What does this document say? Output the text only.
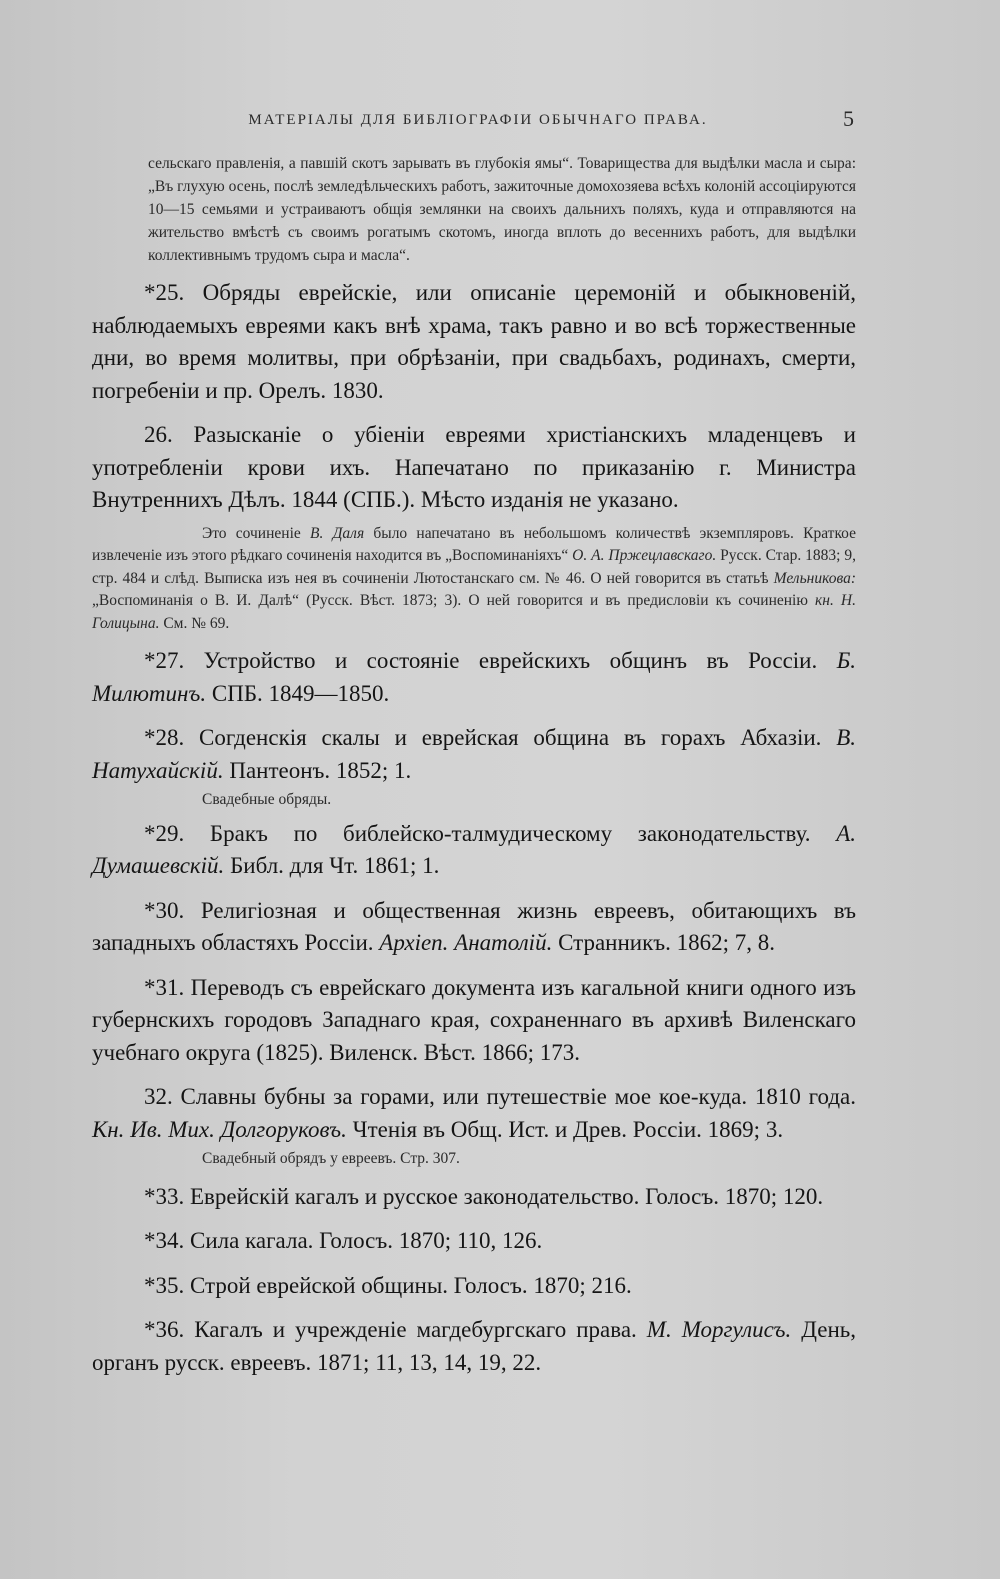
МАТЕРІАЛЫ ДЛЯ БИБЛІОГРАФІИ ОБЫЧНАГО ПРАВА.	5

сельскаго правленія, а павшій скотъ зарывать въ глубокія ямы“. Товарищества для выдѣлки масла и сыра: „Въ глухую осень, послѣ земледѣльческихъ работъ, зажиточные домохозяева всѣхъ колоній ассоціируются 10—15 семьями и устраиваютъ общія землянки на своихъ дальнихъ поляхъ, куда и отправляются на жительство вмѣстѣ съ своимъ рогатымъ скотомъ, иногда вплоть до весеннихъ работъ, для выдѣлки коллективнымъ трудомъ сыра и масла“.

*25. Обряды еврейскіе, или описаніе церемоній и обыкновеній, наблюдаемыхъ евреями какъ внѣ храма, такъ равно и во всѣ торжественные дни, во время молитвы, при обрѣзаніи, при свадьбахъ, родинахъ, смерти, погребеніи и пр. Орелъ. 1830.

26. Разысканіе о убіеніи евреями христіанскихъ младенцевъ и употребленіи крови ихъ. Напечатано по приказанію г. Министра Внутреннихъ Дѣлъ. 1844 (СПБ.). Мѣсто изданія не указано.

Это сочиненіе В. Даля было напечатано въ небольшомъ количествѣ экземпляровъ. Краткое извлеченіе изъ этого рѣдкаго сочиненія находится въ „Воспоминаніяхъ“ О. А. Пржецлавскаго. Русск. Стар. 1883; 9, стр. 484 и слѣд. Выписка изъ нея въ сочиненіи Лютостанскаго см. № 46. О ней говорится въ статьѣ Мельникова: „Воспоминанія о В. И. Далѣ“ (Русск. Вѣст. 1873; 3). О ней говорится и въ предисловіи къ сочиненію кн. Н. Голицына. См. № 69.

*27. Устройство и состояніе еврейскихъ общинъ въ Россіи. Б. Милютинъ. СПБ. 1849—1850.

*28. Согденскія скалы и еврейская община въ горахъ Абхазіи. В. Натухайскій. Пантеонъ. 1852; 1.

Свадебные обряды.

*29. Бракъ по библейско-талмудическому законодательству. А. Думашевскій. Библ. для Чт. 1861; 1.

*30. Религіозная и общественная жизнь евреевъ, обитающихъ въ западныхъ областяхъ Россіи. Архіеп. Анатолій. Странникъ. 1862; 7, 8.

*31. Переводъ съ еврейскаго документа изъ кагальной книги одного изъ губернскихъ городовъ Западнаго края, сохраненнаго въ архивѣ Виленскаго учебнаго округа (1825). Виленск. Вѣст. 1866; 173.

32. Славны бубны за горами, или путешествіе мое кое-куда. 1810 года. Кн. Ив. Мих. Долгоруковъ. Чтенія въ Общ. Ист. и Древ. Россіи. 1869; 3.

Свадебный обрядъ у евреевъ. Стр. 307.

*33. Еврейскій кагалъ и русское законодательство. Голосъ. 1870; 120.

*34. Сила кагала. Голосъ. 1870; 110, 126.

*35. Строй еврейской общины. Голосъ. 1870; 216.

*36. Кагалъ и учрежденіе магдебургскаго права. М. Моргулисъ. День, органъ русск. евреевъ. 1871; 11, 13, 14, 19, 22.
